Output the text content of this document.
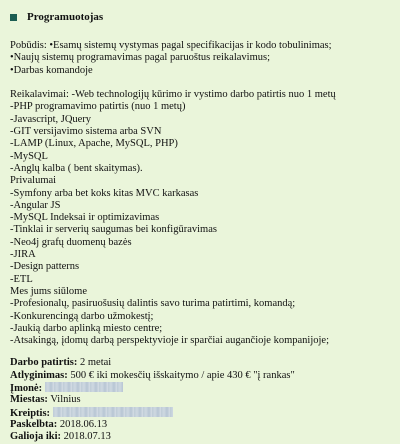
Programuotojas
Pobūdis: •Esamų sistemų vystymas pagal specifikacijas ir kodo tobulinimas;
•Naujų sistemų programavimas pagal paruoštus reikalavimus;
•Darbas komandoje
Reikalavimai: -Web technologijų kūrimo ir vystimo darbo patirtis nuo 1 metų
-PHP programavimo patirtis (nuo 1 metų)
-Javascript, JQuery
-GIT versijavimo sistema arba SVN
-LAMP (Linux, Apache, MySQL, PHP)
-MySQL
-Anglų kalba ( bent skaitymas).
Privalumai
-Symfony arba bet koks kitas MVC karkasas
-Angular JS
-MySQL Indeksai ir optimizavimas
-Tinklai ir serverių saugumas bei konfigūravimas
-Neo4j grafų duomenų bazės
-JIRA
-Design patterns
-ETL
Mes jums siūlome
-Profesionalų, pasiruošusių dalintis savo turima patirtimi, komandą;
-Konkurencingą darbo užmokestį;
-Jaukią darbo aplinką miesto centre;
-Atsakingą, įdomų darbą perspektyvioje ir sparčiai augančioje kompanijoje;
Darbo patirtis: 2 metai
Atlyginimas: 500 € iki mokesčių išskaitymo / apie 430 € "į rankas"
Įmonė:
Miestas: Vilnius
Kreiptis:
Paskelbta: 2018.06.13
Galioja iki: 2018.07.13
